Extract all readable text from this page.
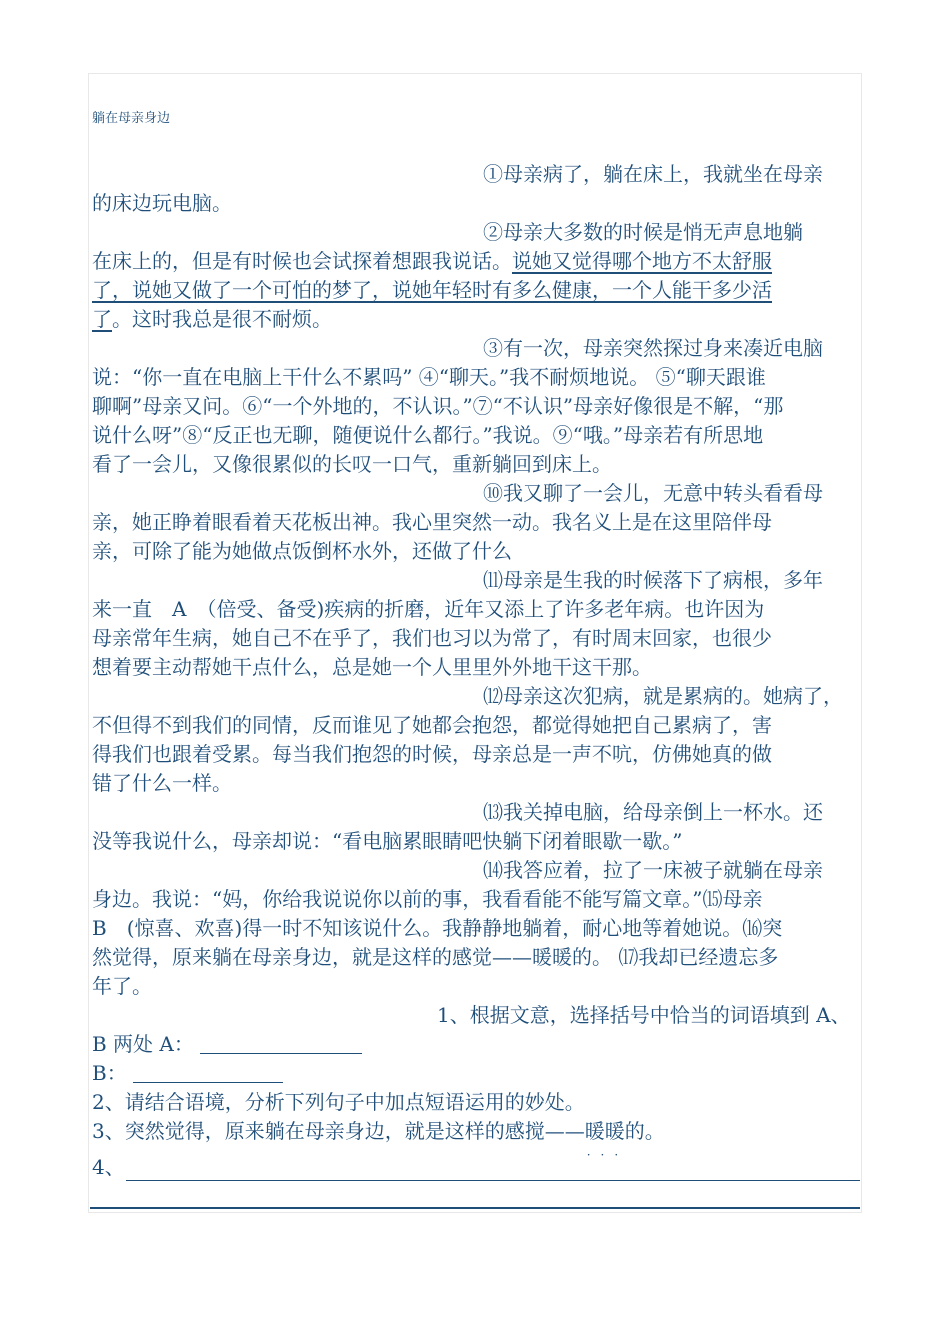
躺在母亲身边
①母亲病了，躺在床上，我就坐在母亲
的床边玩电脑。
②母亲大多数的时候是悄无声息地躺
在床上的，但是有时候也会试探着想跟我说话。说她又觉得哪个地方不太舒服
了，说她又做了一个可怕的梦了，说她年轻时有多么健康，一个人能干多少活
了。这时我总是很不耐烦。
③有一次，母亲突然探过身来凑近电脑
说：“你一直在电脑上干什么不累吗” ④“聊天。”我不耐烦地说。 ⑤“聊天跟谁
聊啊”母亲又问。⑥“一个外地的，不认识。”⑦“不认识”母亲好像很是不解，“那
说什么呀”⑧“反正也无聊，随便说什么都行。”我说。⑨“哦。”母亲若有所思地
看了一会儿，又像很累似的长叹一口气，重新躺回到床上。
⑩我又聊了一会儿，无意中转头看看母
亲，她正睁着眼看着天花板出神。我心里突然一动。我名义上是在这里陪伴母
亲，可除了能为她做点饭倒杯水外，还做了什么
⑾母亲是生我的时候落下了病根，多年
来一直　A　（倍受、备受)疾病的折磨，近年又添上了许多老年病。也许因为
母亲常年生病，她自己不在乎了，我们也习以为常了，有时周末回家，也很少
想着要主动帮她干点什么，总是她一个人里里外外地干这干那。
⑿母亲这次犯病，就是累病的。她病了，
不但得不到我们的同情，反而谁见了她都会抱怨，都觉得她把自己累病了，害
得我们也跟着受累。每当我们抱怨的时候，母亲总是一声不吭，仿佛她真的做
错了什么一样。
⒀我关掉电脑，给母亲倒上一杯水。还
没等我说什么，母亲却说：“看电脑累眼睛吧快躺下闭着眼歇一歇。”
⒁我答应着，拉了一床被子就躺在母亲
身边。我说：“妈，你给我说说你以前的事，我看看能不能写篇文章。”⒂母亲
B　(惊喜、欢喜)得一时不知该说什么。我静静地躺着，耐心地等着她说。⒃突
然觉得，原来躺在母亲身边，就是这样的感觉——暖暖的。 ⒄我却已经遗忘多
年了。
1、根据文意，选择括号中恰当的词语填到 A、
B 两处 A：
B：
2、请结合语境，分析下列句子中加点短语运用的妙处。
3、突然觉得，原来躺在母亲身边，就是这样的感搅——暖暖的
···
。
4、
